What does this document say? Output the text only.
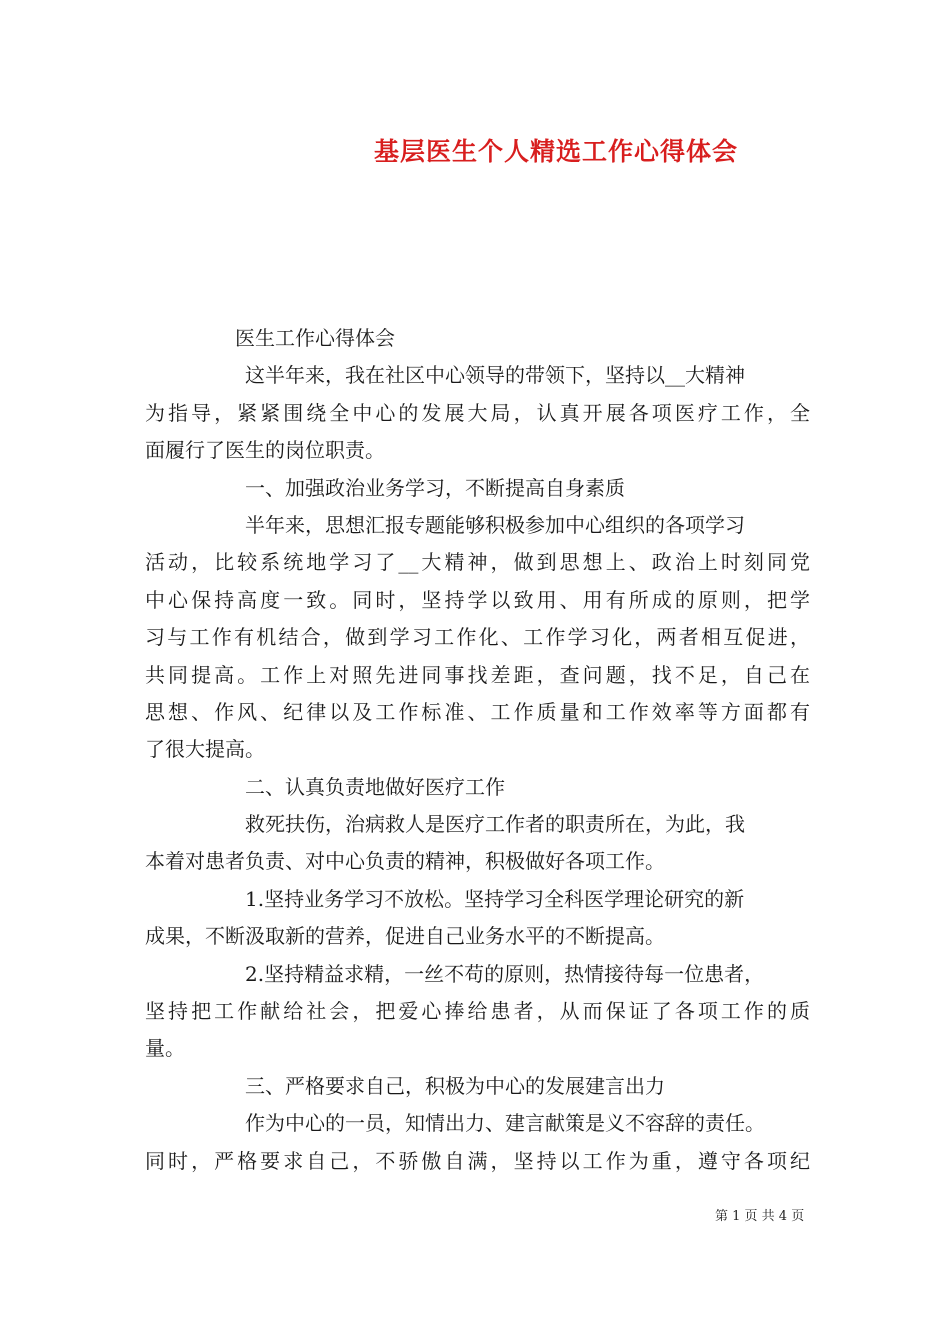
基层医生个人精选工作心得体会
医生工作心得体会
这半年来，我在社区中心领导的带领下，坚持以__大精神
为指导，紧紧围绕全中心的发展大局，认真开展各项医疗工作，全
面履行了医生的岗位职责。
一、加强政治业务学习，不断提高自身素质
半年来，思想汇报专题能够积极参加中心组织的各项学习
活动，比较系统地学习了__大精神，做到思想上、政治上时刻同党
中心保持高度一致。同时，坚持学以致用、用有所成的原则，把学
习与工作有机结合，做到学习工作化、工作学习化，两者相互促进，
共同提高。工作上对照先进同事找差距，查问题，找不足，自己在
思想、作风、纪律以及工作标准、工作质量和工作效率等方面都有
了很大提高。
二、认真负责地做好医疗工作
救死扶伤，治病救人是医疗工作者的职责所在，为此，我
本着对患者负责、对中心负责的精神，积极做好各项工作。
1.坚持业务学习不放松。坚持学习全科医学理论研究的新
成果，不断汲取新的营养，促进自己业务水平的不断提高。
2.坚持精益求精，一丝不苟的原则，热情接待每一位患者，
坚持把工作献给社会，把爱心捧给患者，从而保证了各项工作的质
量。
三、严格要求自己，积极为中心的发展建言出力
作为中心的一员，知情出力、建言献策是义不容辞的责任。
同时，严格要求自己，不骄傲自满，坚持以工作为重，遵守各项纪
第 1 页 共 4 页
